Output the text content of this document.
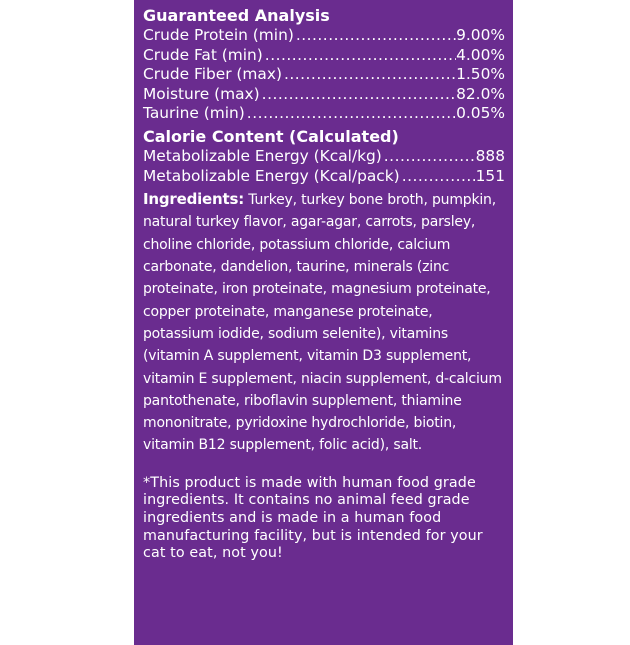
Guaranteed Analysis
Crude Protein (min) .....	9.00%
Crude Fat (min) .....	4.00%
Crude Fiber (max) .....	1.50%
Moisture (max) .....	82.0%
Taurine (min) .....	0.05%
Calorie Content (Calculated)
Metabolizable Energy (Kcal/kg) .....	888
Metabolizable Energy (Kcal/pack) .....	151
Ingredients: Turkey, turkey bone broth, pumpkin, natural turkey flavor, agar-agar, carrots, parsley, choline chloride, potassium chloride, calcium carbonate, dandelion, taurine, minerals (zinc proteinate, iron proteinate, magnesium proteinate, copper proteinate, manganese proteinate, potassium iodide, sodium selenite), vitamins (vitamin A supplement, vitamin D3 supplement, vitamin E supplement, niacin supplement, d-calcium pantothenate, riboflavin supplement, thiamine mononitrate, pyridoxine hydrochloride, biotin, vitamin B12 supplement, folic acid), salt.
*This product is made with human food grade ingredients. It contains no animal feed grade ingredients and is made in a human food manufacturing facility, but is intended for your cat to eat, not you!
